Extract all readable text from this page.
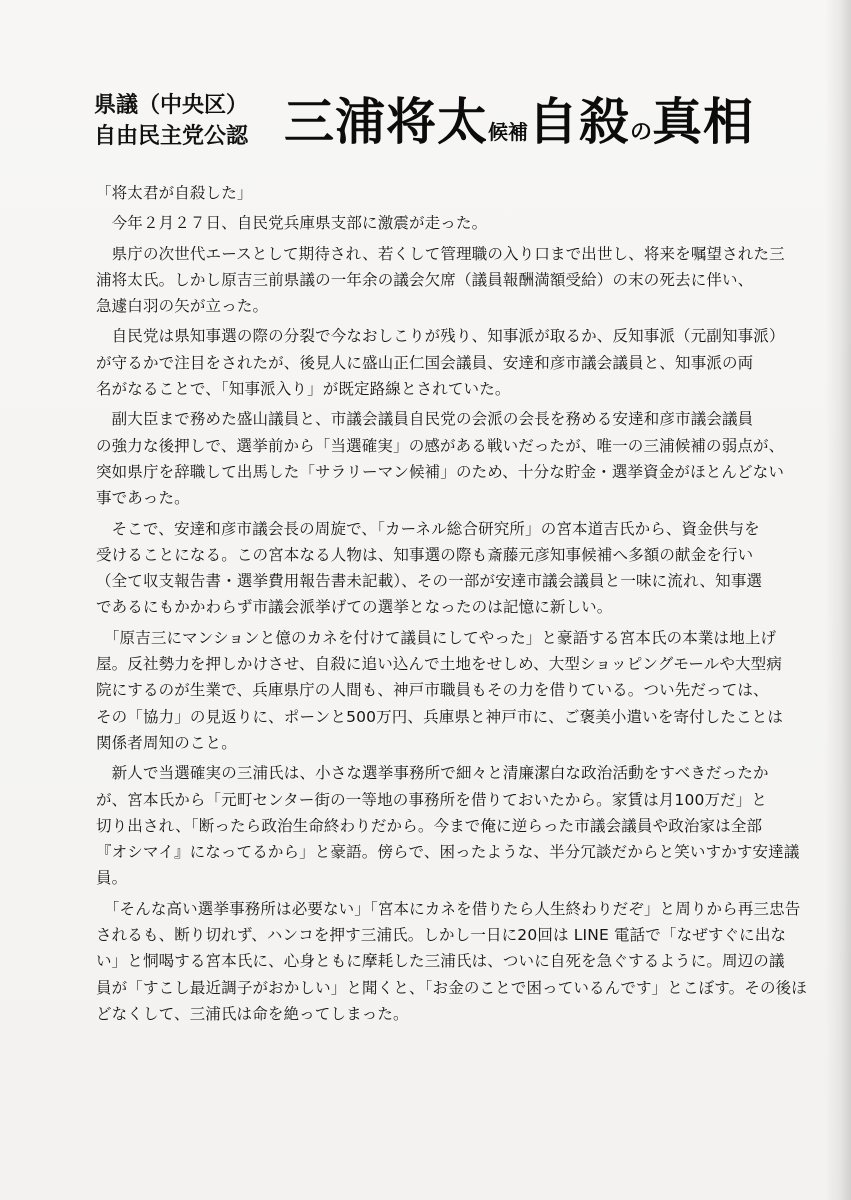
県議（中央区）
自由民主党公認 三浦将太候補自殺の真相
「将太君が自殺した」
　今年２月２７日、自民党兵庫県支部に激震が走った。
　県庁の次世代エースとして期待され、若くして管理職の入り口まで出世し、将来を嘱望された三
浦将太氏。しかし原吉三前県議の一年余の議会欠席（議員報酬満額受給）の末の死去に伴い、
急遽白羽の矢が立った。
　自民党は県知事選の際の分裂で今なおしこりが残り、知事派が取るか、反知事派（元副知事派）
が守るかで注目をされたが、後見人に盛山正仁国会議員、安達和彦市議会議員と、知事派の両
名がなることで、「知事派入り」が既定路線とされていた。
　副大臣まで務めた盛山議員と、市議会議員自民党の会派の会長を務める安達和彦市議会議員
の強力な後押しで、選挙前から「当選確実」の感がある戦いだったが、唯一の三浦候補の弱点が、
突如県庁を辞職して出馬した「サラリーマン候補」のため、十分な貯金・選挙資金がほとんどない
事であった。
　そこで、安達和彦市議会長の周旋で、「カーネル総合研究所」の宮本道吉氏から、資金供与を
受けることになる。この宮本なる人物は、知事選の際も斎藤元彦知事候補へ多額の献金を行い
（全て収支報告書・選挙費用報告書未記載）、その一部が安達市議会議員と一味に流れ、知事選
であるにもかかわらず市議会派挙げての選挙となったのは記憶に新しい。
　「原吉三にマンションと億のカネを付けて議員にしてやった」と豪語する宮本氏の本業は地上げ
屋。反社勢力を押しかけさせ、自殺に追い込んで土地をせしめ、大型ショッピングモールや大型病
院にするのが生業で、兵庫県庁の人間も、神戸市職員もその力を借りている。つい先だっては、
その「協力」の見返りに、ポーンと500万円、兵庫県と神戸市に、ご褒美小遣いを寄付したことは
関係者周知のこと。
　新人で当選確実の三浦氏は、小さな選挙事務所で細々と清廉潔白な政治活動をすべきだったか
が、宮本氏から「元町センター街の一等地の事務所を借りておいたから。家賃は月100万だ」と
切り出され、「断ったら政治生命終わりだから。今まで俺に逆らった市議会議員や政治家は全部
『オシマイ』になってるから」と豪語。傍らで、困ったような、半分冗談だからと笑いすかす安達議
員。
　「そんな高い選挙事務所は必要ない」「宮本にカネを借りたら人生終わりだぞ」と周りから再三忠告
されるも、断り切れず、ハンコを押す三浦氏。しかし一日に20回は LINE 電話で「なぜすぐに出な
い」と恫喝する宮本氏に、心身ともに摩耗した三浦氏は、ついに自死を急ぐするように。周辺の議
員が「すこし最近調子がおかしい」と聞くと、「お金のことで困っているんです」とこぼす。その後ほ
どなくして、三浦氏は命を絶ってしまった。
